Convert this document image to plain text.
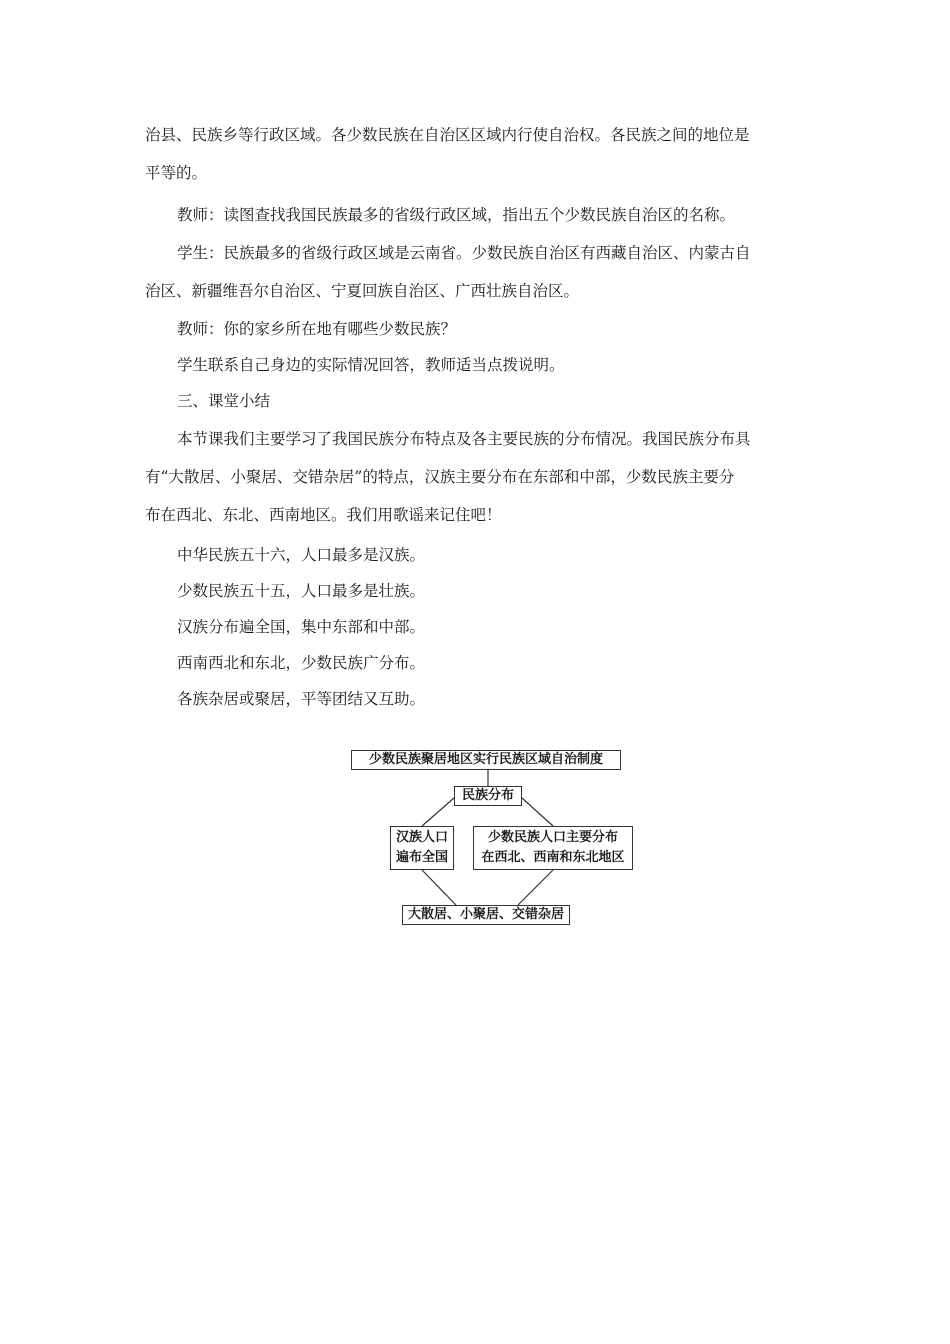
治县、民族乡等行政区域。各少数民族在自治区区域内行使自治权。各民族之间的地位是
平等的。

教师：读图查找我国民族最多的省级行政区域，指出五个少数民族自治区的名称。

学生：民族最多的省级行政区域是云南省。少数民族自治区有西藏自治区、内蒙古自
治区、新疆维吾尔自治区、宁夏回族自治区、广西壮族自治区。

教师：你的家乡所在地有哪些少数民族？

学生联系自己身边的实际情况回答，教师适当点拨说明。

三、课堂小结

本节课我们主要学习了我国民族分布特点及各主要民族的分布情况。我国民族分布具
有“大散居、小聚居、交错杂居”的特点，汉族主要分布在东部和中部，少数民族主要分
布在西北、东北、西南地区。我们用歌谣来记住吧！

中华民族五十六，人口最多是汉族。

少数民族五十五，人口最多是壮族。

汉族分布遍全国，集中东部和中部。

西南西北和东北，少数民族广分布。

各族杂居或聚居，平等团结又互助。

少数民族聚居地区实行民族区域自治制度
民族分布
汉族人口
遍布全国
少数民族人口主要分布
在西北、西南和东北地区
大散居、小聚居、交错杂居
